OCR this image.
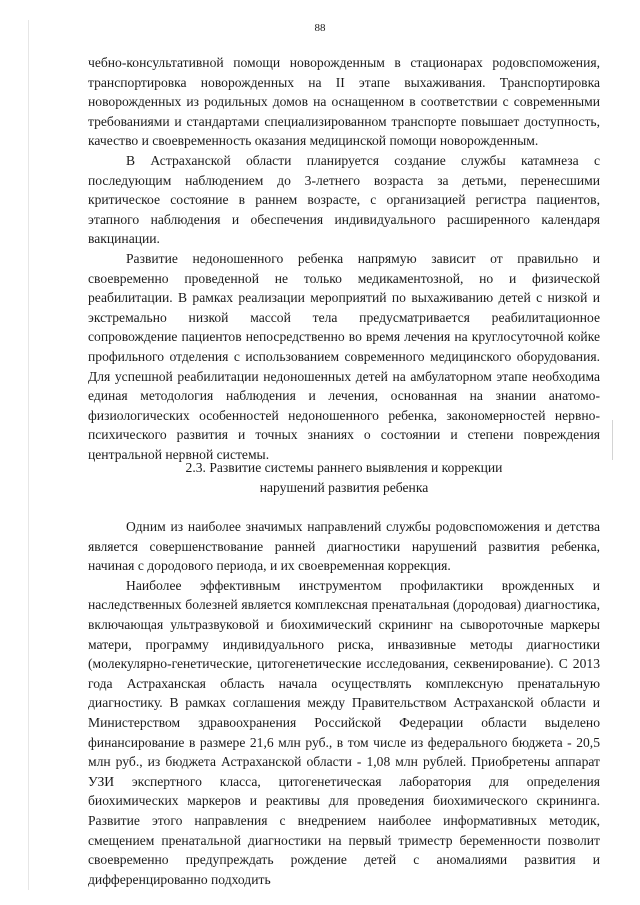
88

чебно-консультативной помощи новорожденным в стационарах родовспоможения, транспортировка новорожденных на II этапе выхаживания. Транспортировка новорожденных из родильных домов на оснащенном в соответствии с современными требованиями и стандартами специализированном транспорте повышает доступность, качество и своевременность оказания медицинской помощи новорожденным.

В Астраханской области планируется создание службы катамнеза с последующим наблюдением до 3-летнего возраста за детьми, перенесшими критическое состояние в раннем возрасте, с организацией регистра пациентов, этапного наблюдения и обеспечения индивидуального расширенного календаря вакцинации.

Развитие недоношенного ребенка напрямую зависит от правильно и своевременно проведенной не только медикаментозной, но и физической реабилитации. В рамках реализации мероприятий по выхаживанию детей с низкой и экстремально низкой массой тела предусматривается реабилитационное сопровождение пациентов непосредственно во время лечения на круглосуточной койке профильного отделения с использованием современного медицинского оборудования. Для успешной реабилитации недоношенных детей на амбулаторном этапе необходима единая методология наблюдения и лечения, основанная на знании анатомо-физиологических особенностей недоношенного ребенка, закономерностей нервно-психического развития и точных знаниях о состоянии и степени повреждения центральной нервной системы.

2.3. Развитие системы раннего выявления и коррекции
нарушений развития ребенка

Одним из наиболее значимых направлений службы родовспоможения и детства является совершенствование ранней диагностики нарушений развития ребенка, начиная с дородового периода, и их своевременная коррекция.

Наиболее эффективным инструментом профилактики врожденных и наследственных болезней является комплексная пренатальная (дородовая) диагностика, включающая ультразвуковой и биохимический скрининг на сывороточные маркеры матери, программу индивидуального риска, инвазивные методы диагностики (молекулярно-генетические, цитогенетические исследования, секвенирование). С 2013 года Астраханская область начала осуществлять комплексную пренатальную диагностику. В рамках соглашения между Правительством Астраханской области и Министерством здравоохранения Российской Федерации области выделено финансирование в размере 21,6 млн руб., в том числе из федерального бюджета - 20,5 млн руб., из бюджета Астраханской области - 1,08 млн рублей. Приобретены аппарат УЗИ экспертного класса, цитогенетическая лаборатория для определения биохимических маркеров и реактивы для проведения биохимического скрининга. Развитие этого направления с внедрением наиболее информативных методик, смещением пренатальной диагностики на первый триместр беременности позволит своевременно предупреждать рождение детей с аномалиями развития и дифференцированно подходить
